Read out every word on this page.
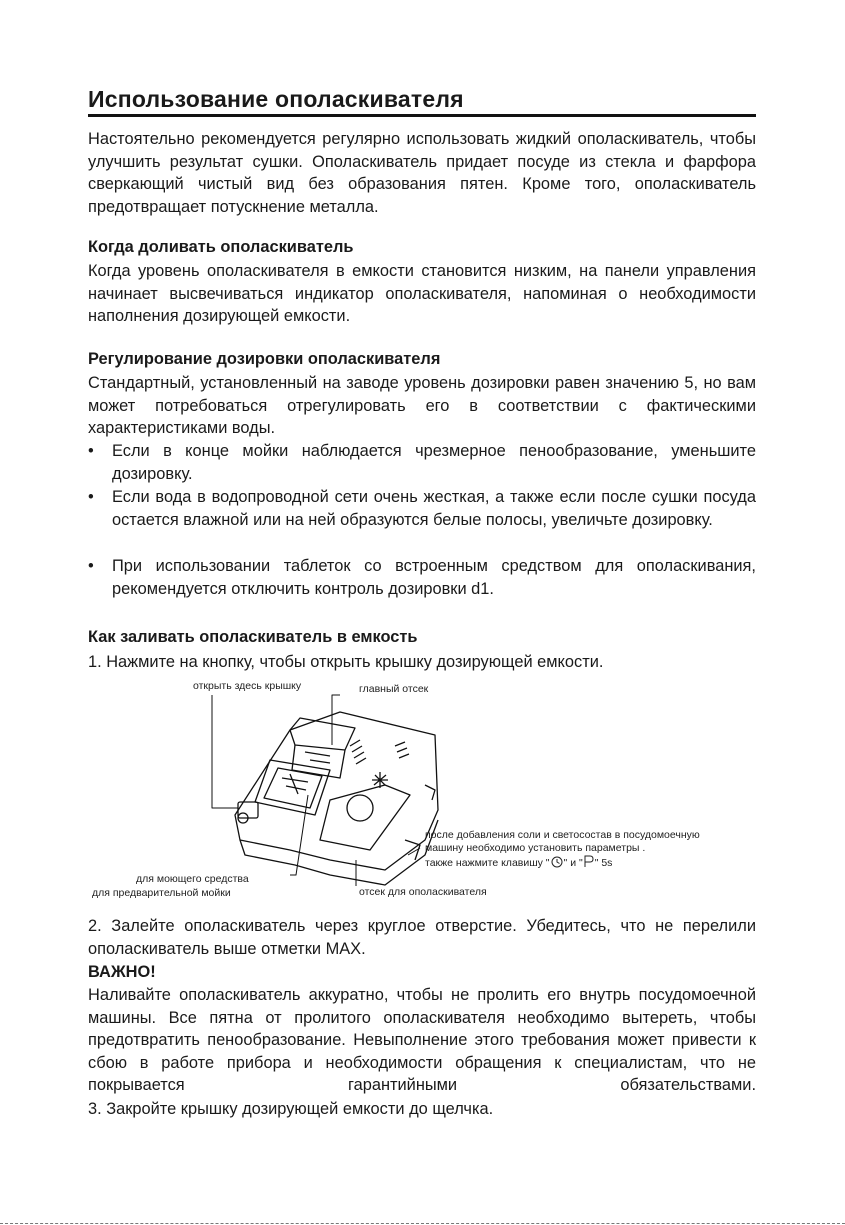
Использование ополаскивателя
Настоятельно рекомендуется регулярно использовать жидкий ополаскиватель, чтобы улучшить результат сушки. Ополаскиватель придает посуде из стекла и фарфора сверкающий чистый вид без образования пятен. Кроме того, ополаскиватель предотвращает потускнение металла.
Когда доливать ополаскиватель
Когда уровень ополаскивателя в емкости становится низким, на панели управления начинает высвечиваться индикатор ополаскивателя, напоминая о необходимости наполнения дозирующей емкости.
Регулирование дозировки ополаскивателя
Стандартный, установленный на заводе уровень дозировки равен значению 5, но вам может потребоваться отрегулировать его в соответствии с фактическими характеристиками воды.
•	Если в конце мойки наблюдается чрезмерное пенообразование, уменьшите дозировку.
•	Если вода в водопроводной сети очень жесткая, а также если после сушки посуда остается влажной или на ней образуются белые полосы, увеличьте дозировку.
•	При использовании таблеток со встроенным средством для ополаскивания, рекомендуется отключить контроль дозировки d1.
Как заливать ополаскиватель в емкость
1. Нажмите на кнопку, чтобы открыть крышку дозирующей емкости.
открыть здесь крышку	главный отсек
для моющего средства
для предварительной мойки	отсек для ополаскивателя
после добавления соли и светосостав в посудомоечную
машину необходимо установить параметры .
также нажмите клавишу " " и " " 5s
2. Залейте ополаскиватель через круглое отверстие. Убедитесь, что не перелили ополаскиватель выше отметки MAX.
ВАЖНО!
Наливайте ополаскиватель аккуратно, чтобы не пролить его внутрь посудомоечной машины. Все пятна от пролитого ополаскивателя необходимо вытереть, чтобы предотвратить пенообразование. Невыполнение этого требования может привести к сбою в работе прибора и необходимости обращения к специалистам, что не покрывается гарантийными обязательствами.
3. Закройте крышку дозирующей емкости до щелчка.
